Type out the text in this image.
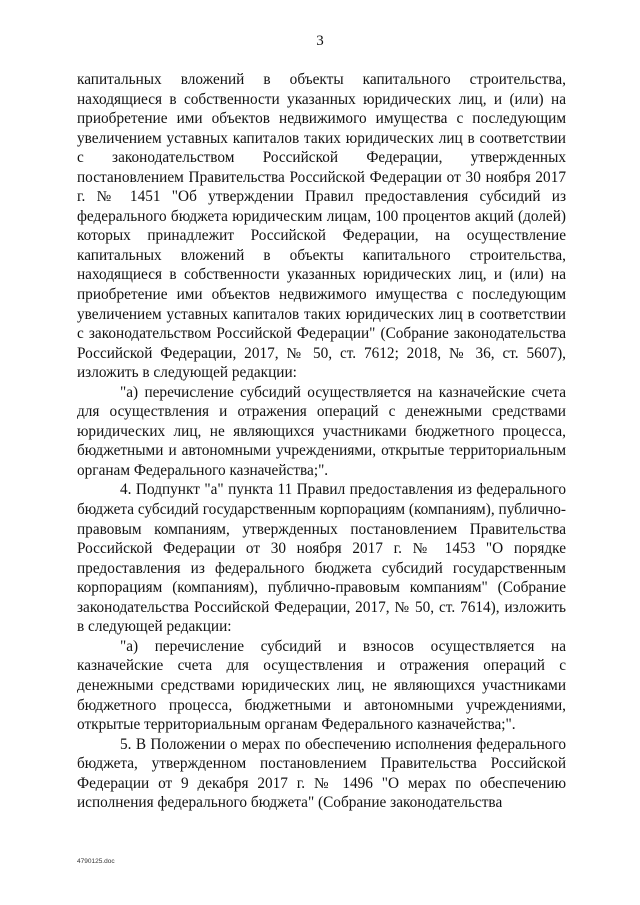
3

капитальных вложений в объекты капитального строительства, находящиеся в собственности указанных юридических лиц, и (или) на приобретение ими объектов недвижимого имущества с последующим увеличением уставных капиталов таких юридических лиц в соответствии с законодательством Российской Федерации, утвержденных постановлением Правительства Российской Федерации от 30 ноября 2017 г. № 1451 "Об утверждении Правил предоставления субсидий из федерального бюджета юридическим лицам, 100 процентов акций (долей) которых принадлежит Российской Федерации, на осуществление капитальных вложений в объекты капитального строительства, находящиеся в собственности указанных юридических лиц, и (или) на приобретение ими объектов недвижимого имущества с последующим увеличением уставных капиталов таких юридических лиц в соответствии с законодательством Российской Федерации" (Собрание законодательства Российской Федерации, 2017, № 50, ст. 7612; 2018, № 36, ст. 5607), изложить в следующей редакции:

"а) перечисление субсидий осуществляется на казначейские счета для осуществления и отражения операций с денежными средствами юридических лиц, не являющихся участниками бюджетного процесса, бюджетными и автономными учреждениями, открытые территориальным органам Федерального казначейства;".

4. Подпункт "а" пункта 11 Правил предоставления из федерального бюджета субсидий государственным корпорациям (компаниям), публично-правовым компаниям, утвержденных постановлением Правительства Российской Федерации от 30 ноября 2017 г. № 1453 "О порядке предоставления из федерального бюджета субсидий государственным корпорациям (компаниям), публично-правовым компаниям" (Собрание законодательства Российской Федерации, 2017, № 50, ст. 7614), изложить в следующей редакции:

"а) перечисление субсидий и взносов осуществляется на казначейские счета для осуществления и отражения операций с денежными средствами юридических лиц, не являющихся участниками бюджетного процесса, бюджетными и автономными учреждениями, открытые территориальным органам Федерального казначейства;".

5. В Положении о мерах по обеспечению исполнения федерального бюджета, утвержденном постановлением Правительства Российской Федерации от 9 декабря 2017 г. № 1496 "О мерах по обеспечению исполнения федерального бюджета" (Собрание законодательства

4790125.doc
